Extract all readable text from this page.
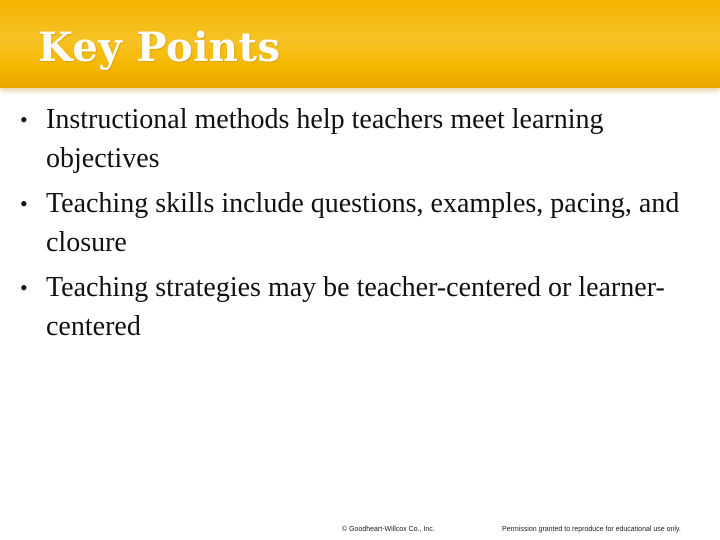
Key Points
• Instructional methods help teachers meet learning objectives
• Teaching skills include questions, examples, pacing, and closure
• Teaching strategies may be teacher-centered or learner-centered
© Goodheart-Willcox Co., Inc.	Permission granted to reproduce for educational use only.
